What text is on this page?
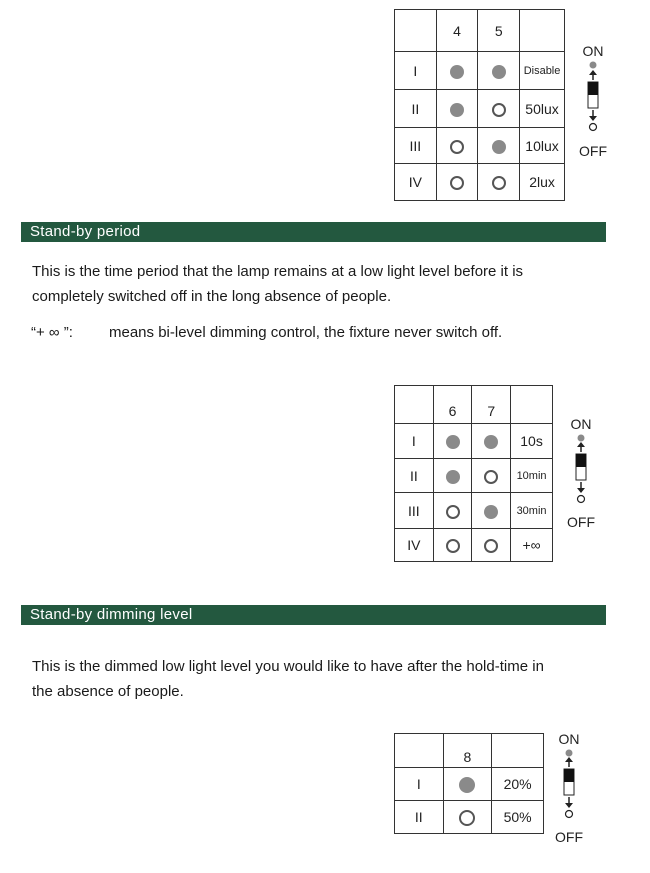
	4	5	
I			Disable
II			50lux
III			10lux
IV			2lux
ON
OFF
Stand-by period
This is the time period that the lamp remains at a low light level before it is
completely switched off in the long absence of people.
“+ ∞ ”: means bi-level dimming control, the fixture never switch off.
	6	7	
I			10s
II			10min
III			30min
IV			+∞
ON
OFF
Stand-by dimming level
This is the dimmed low light level you would like to have after the hold-time in
the absence of people.
	8	
I		20%
II		50%
ON
OFF
